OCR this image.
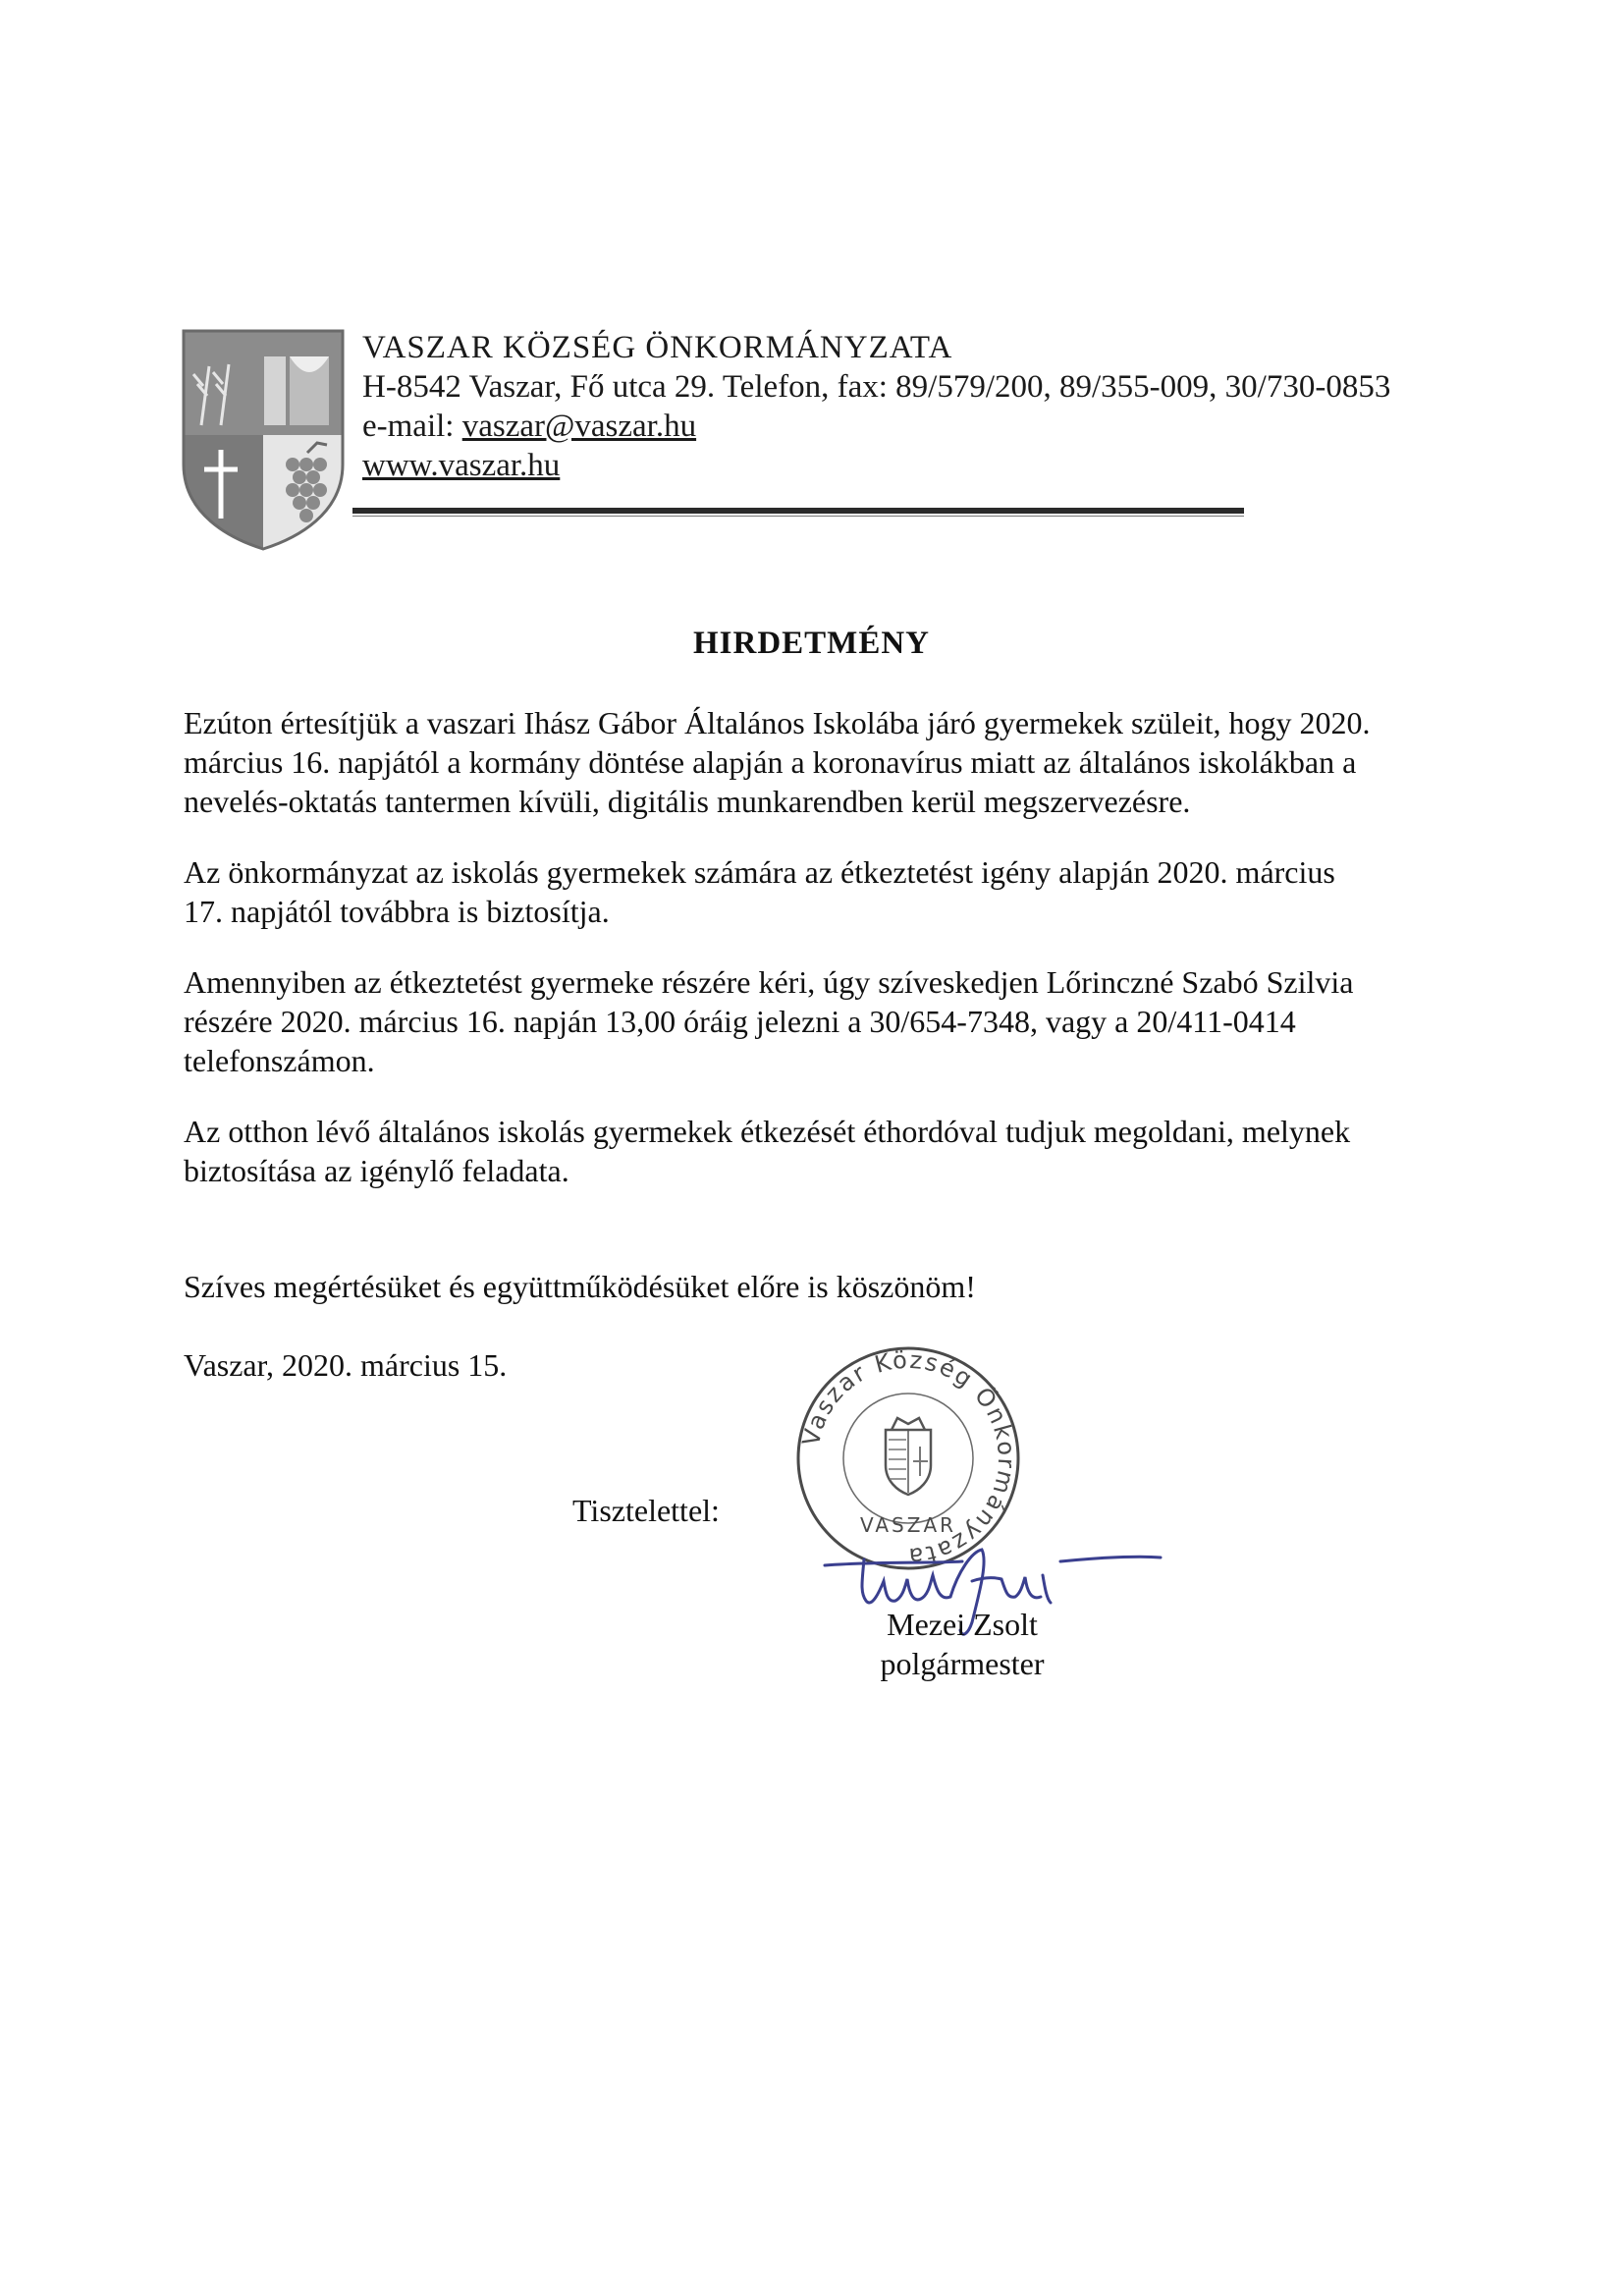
VASZAR KÖZSÉG ÖNKORMÁNYZATA
H-8542 Vaszar, Fő utca 29. Telefon, fax: 89/579/200, 89/355-009, 30/730-0853
e-mail: vaszar@vaszar.hu
www.vaszar.hu
HIRDETMÉNY

Ezúton értesítjük a vaszari Ihász Gábor Általános Iskolába járó gyermekek szüleit, hogy 2020.
március 16. napjától a kormány döntése alapján a koronavírus miatt az általános iskolákban a
nevelés-oktatás tantermen kívüli, digitális munkarendben kerül megszervezésre.

Az önkormányzat az iskolás gyermekek számára az étkeztetést igény alapján 2020. március
17. napjától továbbra is biztosítja.

Amennyiben az étkeztetést gyermeke részére kéri, úgy szíveskedjen Lőrinczné Szabó Szilvia
részére 2020. március 16. napján 13,00 óráig jelezni a 30/654-7348, vagy a 20/411-0414
telefonszámon.

Az otthon lévő általános iskolás gyermekek étkezését éthordóval tudjuk megoldani, melynek
biztosítása az igénylő feladata.

Szíves megértésüket és együttműködésüket előre is köszönöm!

Vaszar, 2020. március 15.

Tisztelettel:
Vaszar Község Önkormányzata
VASZAR
Mezei Zsolt
polgármester
